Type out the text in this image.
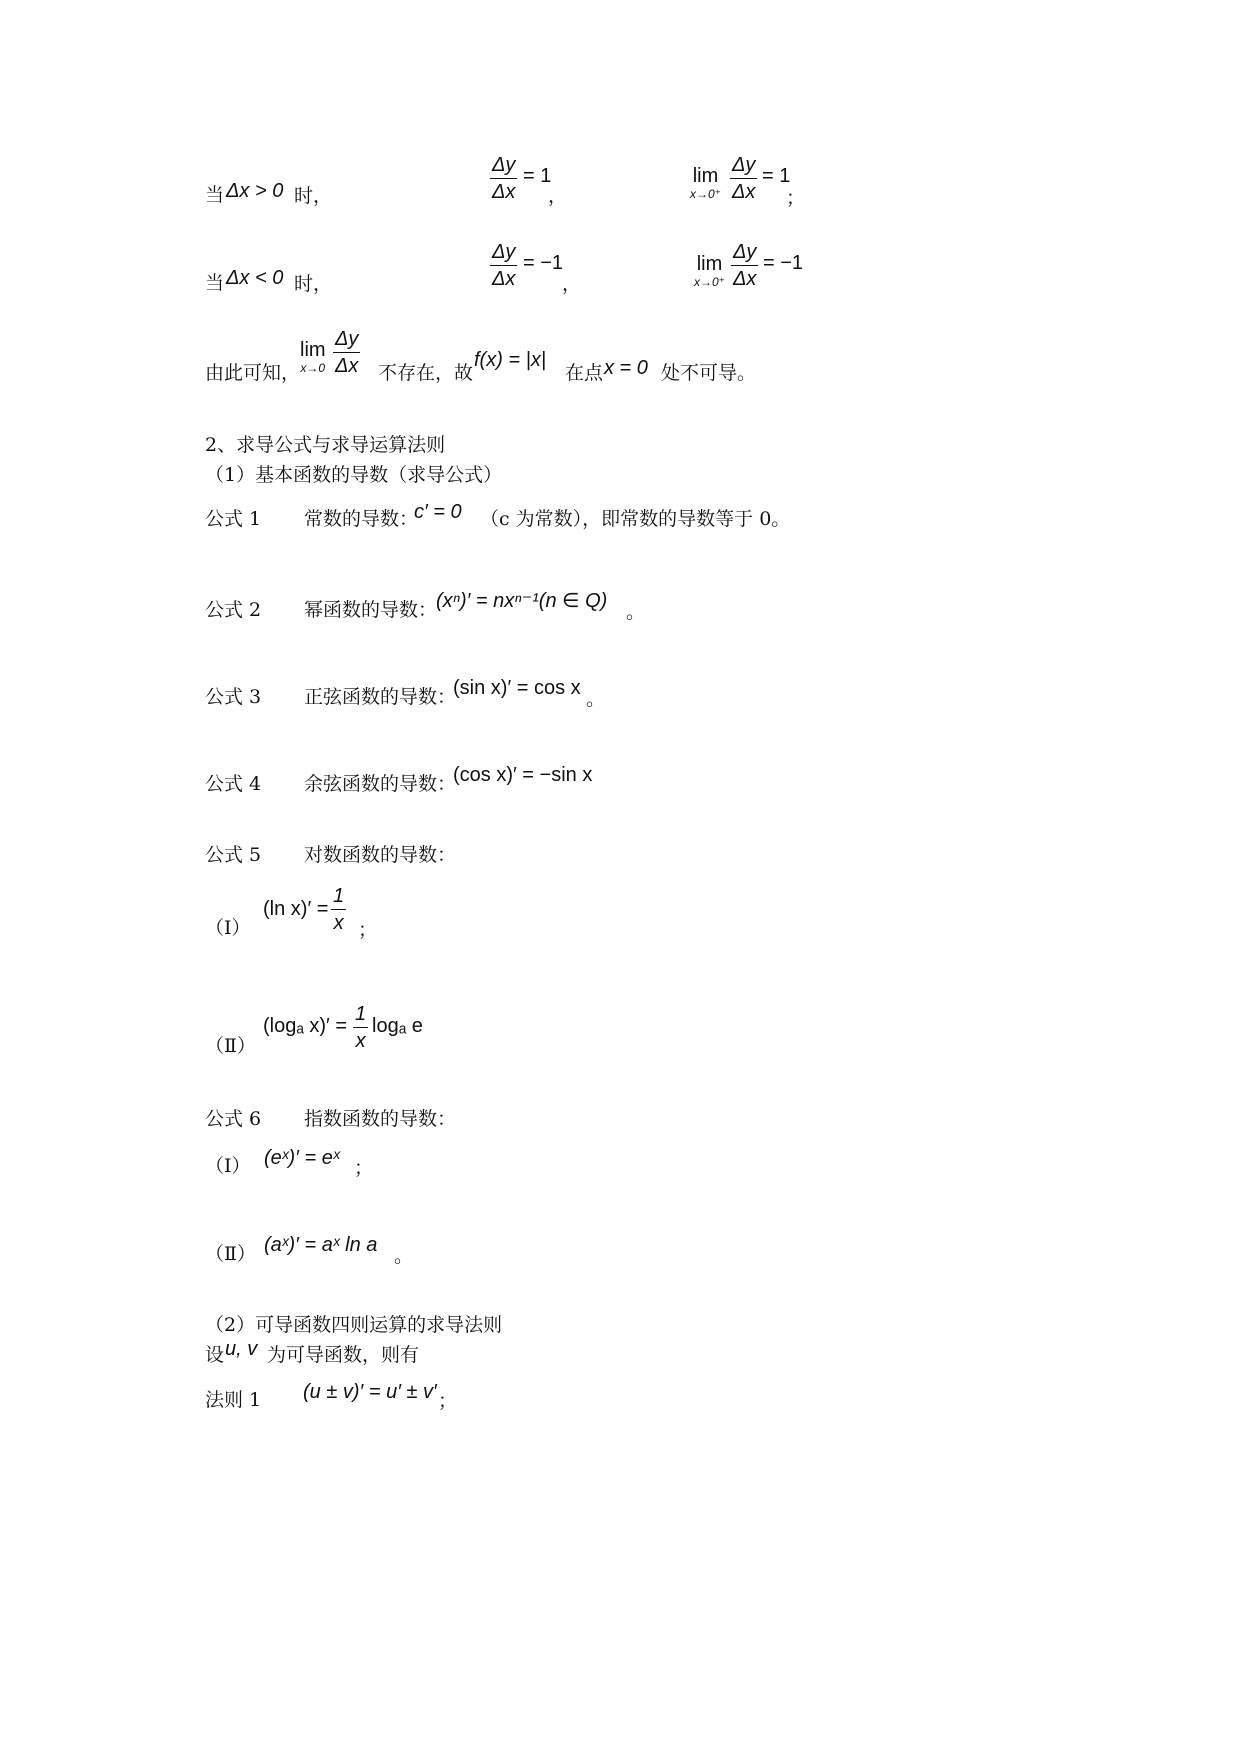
当 Δx > 0 时，	$\frac{\Delta y}{\Delta x} = 1$
，
lim
$x\to 0^+ \frac{\Delta y}{\Delta x} = 1$
；
当 Δx < 0 时，	$\frac{\Delta y}{\Delta x} = -1$
，
lim
$x\to 0^+ \frac{\Delta y}{\Delta x} = -1$
由此可知，
lim
$x\to 0 \frac{\Delta y}{\Delta x}$ 不存在，故
f(x) = |x|
在点 x = 0 处不可导。
2、求导公式与求导运算法则
（1）基本函数的导数（求导公式）
公式 1 常数的导数：
c′ = 0 （c 为常数），即常数的导数等于 0。
公式 2 幂函数的导数：
(xⁿ)′ = nxⁿ⁻¹(n ∈ Q) 。
公式 3 正弦函数的导数：
(sin x)′ = cos x 。
公式 4 余弦函数的导数：
(cos x)′ = −sin x
公式 5 对数函数的导数：
（Ⅰ）
(ln $x)' = \frac{1}{x}$ ；
（Ⅱ）
(logₐ $x)' = \frac{1}{x}$ logₐ e
公式 6 指数函数的导数：
（Ⅰ） (eˣ)′ = eˣ ；
（Ⅱ） (aˣ)′ = aˣ ln a 。
（2）可导函数四则运算的求导法则
设 u, v 为可导函数，则有
法则 1 (u ± v)′ = u′ ± v′ ；
